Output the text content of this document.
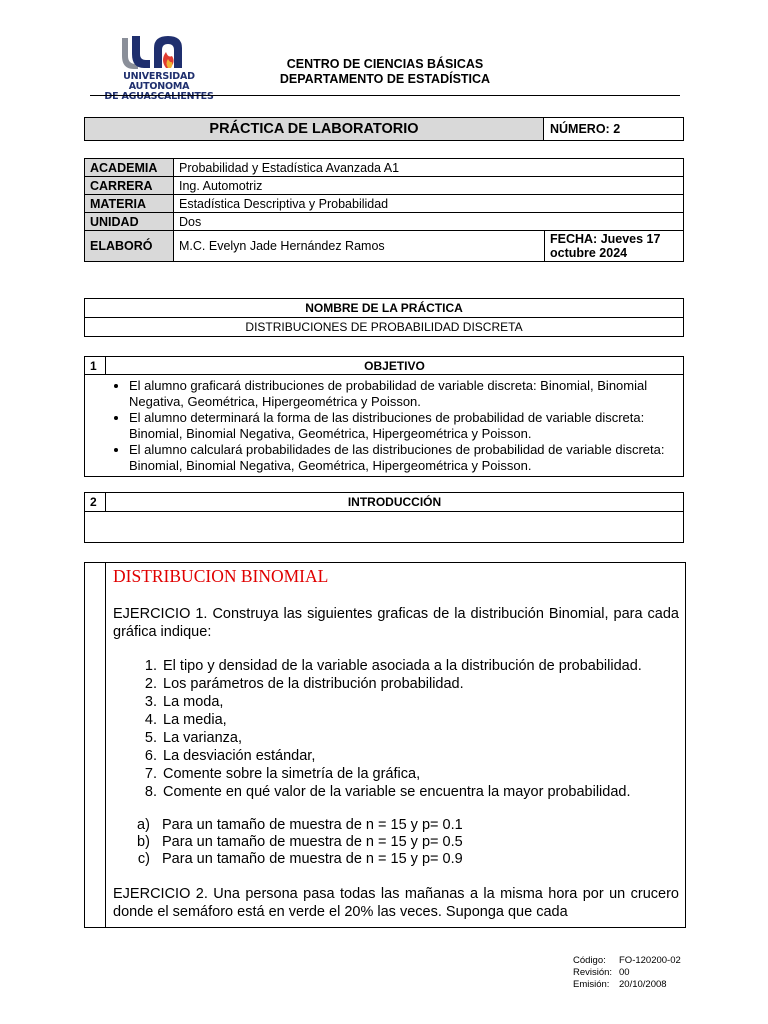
UNIVERSIDAD AUTONOMA
DE AGUASCALIENTES
CENTRO DE CIENCIAS BÁSICAS
DEPARTAMENTO DE ESTADÍSTICA
PRÁCTICA DE LABORATORIO	NÚMERO: 2
ACADEMIA	Probabilidad y Estadística Avanzada A1	
CARRERA	Ing. Automotriz	
MATERIA	Estadística Descriptiva y Probabilidad	
UNIDAD	Dos	
ELABORÓ	M.C. Evelyn Jade Hernández Ramos	FECHA: Jueves 17
octubre 2024
NOMBRE DE LA PRÁCTICA
DISTRIBUCIONES DE PROBABILIDAD DISCRETA
1	OBJETIVO

• El alumno graficará distribuciones de probabilidad de variable discreta: Binomial, Binomial Negativa, Geométrica, Hipergeométrica y Poisson.
• El alumno determinará la forma de las distribuciones de probabilidad de variable discreta: Binomial, Binomial Negativa, Geométrica, Hipergeométrica y Poisson.
• El alumno calculará probabilidades de las distribuciones de probabilidad de variable discreta: Binomial, Binomial Negativa, Geométrica, Hipergeométrica y Poisson.
2	INTRODUCCIÓN

DISTRIBUCION BINOMIAL

EJERCICIO 1. Construya las siguientes graficas de la distribución Binomial, para cada gráfica indique:

1. El tipo y densidad de la variable asociada a la distribución de probabilidad.
2. Los parámetros de la distribución probabilidad.
3. La moda,
4. La media,
5. La varianza,
6. La desviación estándar,
7. Comente sobre la simetría de la gráfica,
8. Comente en qué valor de la variable se encuentra la mayor probabilidad.
a. Para un tamaño de muestra de n = 15 y p= 0.1
b. Para un tamaño de muestra de n = 15 y p= 0.5
c. Para un tamaño de muestra de n = 15 y p= 0.9

EJERCICIO 2. Una persona pasa todas las mañanas a la misma hora por un crucero donde el semáforo está en verde el 20% las veces. Suponga que cada

Código: FO-120200-02
Revisión: 00
Emisión: 20/10/2008
